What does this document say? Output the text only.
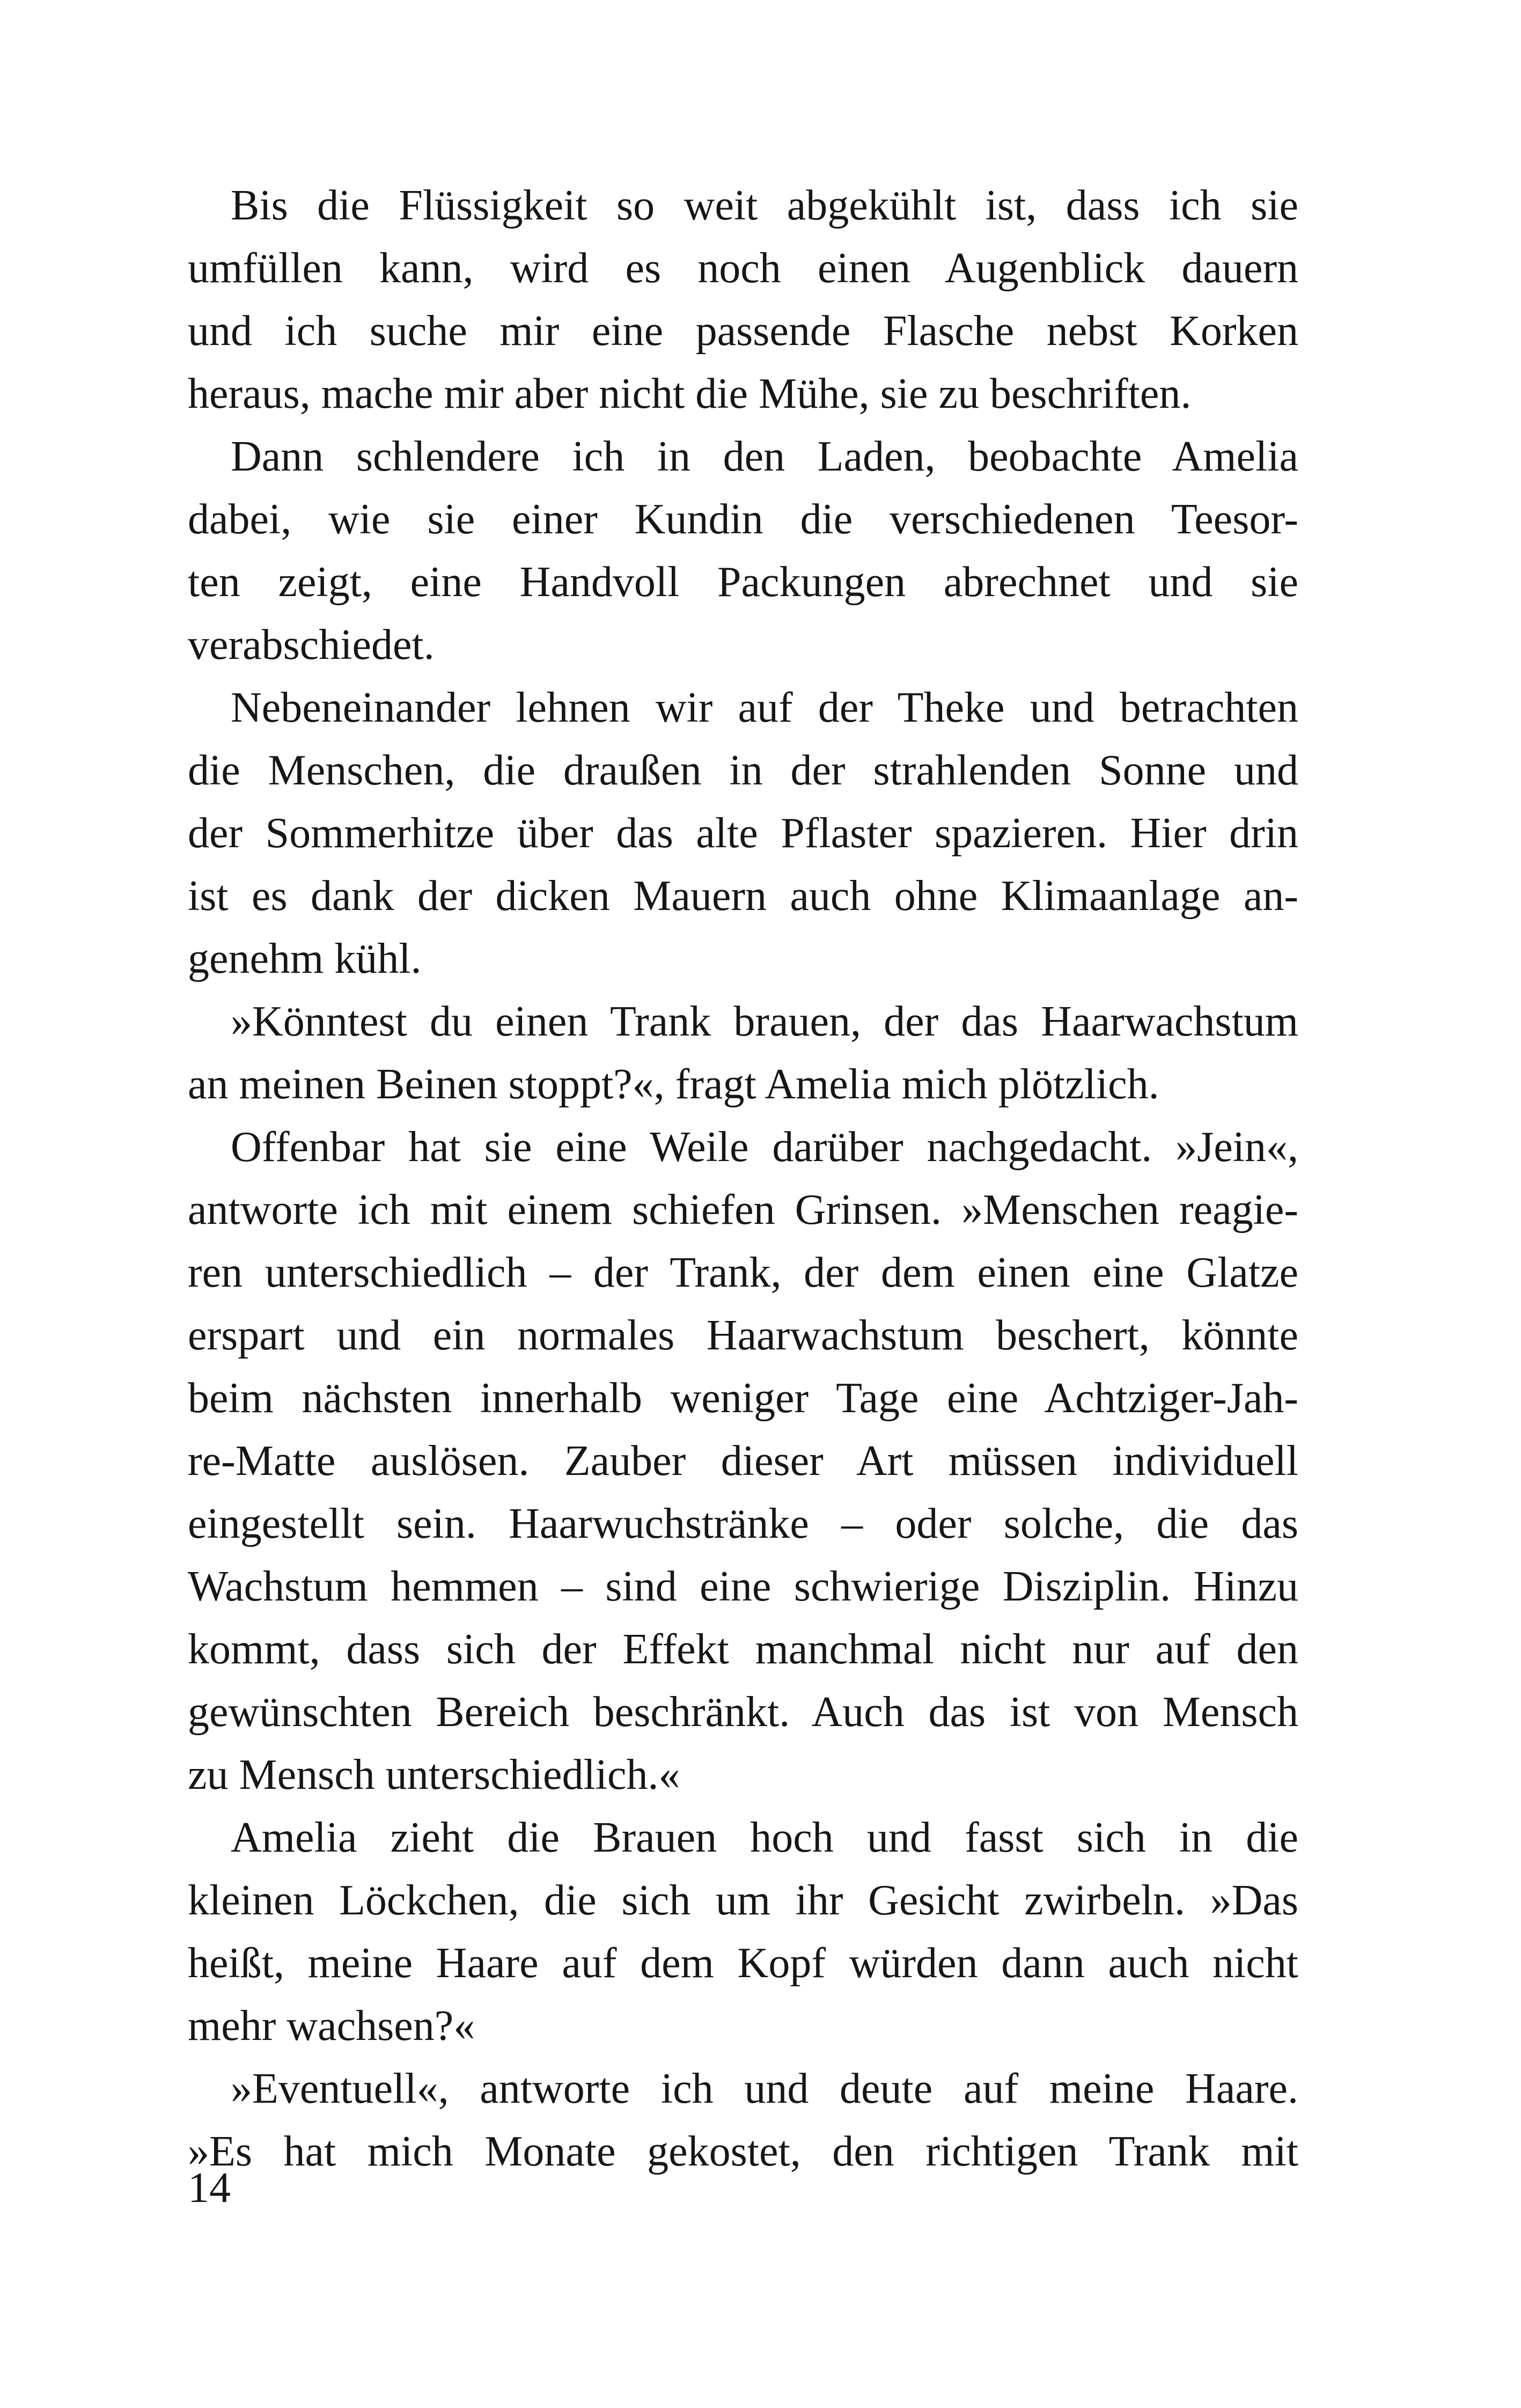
Bis die Flüssigkeit so weit abgekühlt ist, dass ich sie
umfüllen kann, wird es noch einen Augenblick dauern
und ich suche mir eine passende Flasche nebst Korken
heraus, mache mir aber nicht die Mühe, sie zu beschriften.
Dann schlendere ich in den Laden, beobachte Amelia
dabei, wie sie einer Kundin die verschiedenen Teesor-
ten zeigt, eine Handvoll Packungen abrechnet und sie
verabschiedet.
Nebeneinander lehnen wir auf der Theke und betrachten
die Menschen, die draußen in der strahlenden Sonne und
der Sommerhitze über das alte Pflaster spazieren. Hier drin
ist es dank der dicken Mauern auch ohne Klimaanlage an-
genehm kühl.
»Könntest du einen Trank brauen, der das Haarwachstum
an meinen Beinen stoppt?«, fragt Amelia mich plötzlich.
Offenbar hat sie eine Weile darüber nachgedacht. »Jein«,
antworte ich mit einem schiefen Grinsen. »Menschen reagie-
ren unterschiedlich – der Trank, der dem einen eine Glatze
erspart und ein normales Haarwachstum beschert, könnte
beim nächsten innerhalb weniger Tage eine Achtziger-Jah-
re-Matte auslösen. Zauber dieser Art müssen individuell
eingestellt sein. Haarwuchstränke – oder solche, die das
Wachstum hemmen – sind eine schwierige Disziplin. Hinzu
kommt, dass sich der Effekt manchmal nicht nur auf den
gewünschten Bereich beschränkt. Auch das ist von Mensch
zu Mensch unterschiedlich.«
Amelia zieht die Brauen hoch und fasst sich in die
kleinen Löckchen, die sich um ihr Gesicht zwirbeln. »Das
heißt, meine Haare auf dem Kopf würden dann auch nicht
mehr wachsen?«
»Eventuell«, antworte ich und deute auf meine Haare.
»Es hat mich Monate gekostet, den richtigen Trank mit
14
